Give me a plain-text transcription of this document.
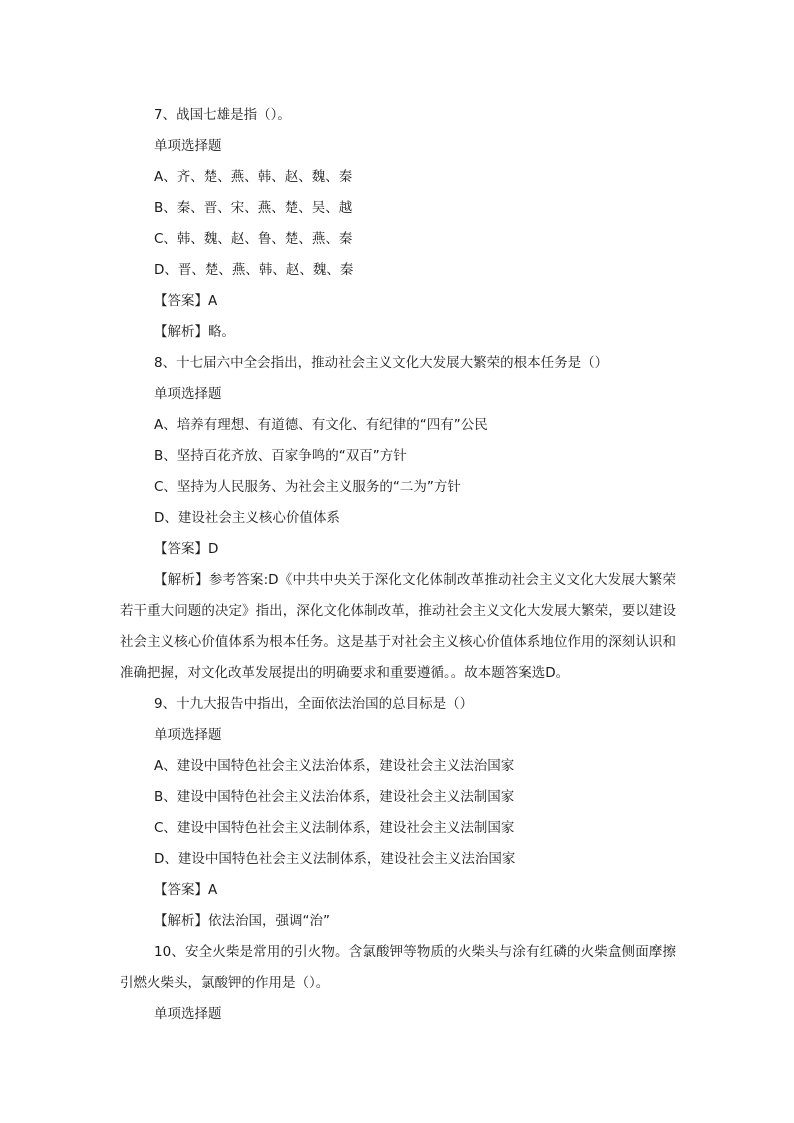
7、战国七雄是指（）。
单项选择题
A、齐、楚、燕、韩、赵、魏、秦
B、秦、晋、宋、燕、楚、吴、越
C、韩、魏、赵、鲁、楚、燕、秦
D、晋、楚、燕、韩、赵、魏、秦
【答案】A
【解析】略。
8、十七届六中全会指出，推动社会主义文化大发展大繁荣的根本任务是（）
单项选择题
A、培养有理想、有道德、有文化、有纪律的“四有”公民
B、坚持百花齐放、百家争鸣的“双百”方针
C、坚持为人民服务、为社会主义服务的“二为”方针
D、建设社会主义核心价值体系
【答案】D
【解析】参考答案:D《中共中央关于深化文化体制改革推动社会主义文化大发展大繁荣若干重大问题的决定》指出，深化文化体制改革，推动社会主义文化大发展大繁荣，要以建设社会主义核心价值体系为根本任务。这是基于对社会主义核心价值体系地位作用的深刻认识和准确把握，对文化改革发展提出的明确要求和重要遵循。。故本题答案选D。
9、十九大报告中指出，全面依法治国的总目标是（）
单项选择题
A、建设中国特色社会主义法治体系，建设社会主义法治国家
B、建设中国特色社会主义法治体系，建设社会主义法制国家
C、建设中国特色社会主义法制体系，建设社会主义法制国家
D、建设中国特色社会主义法制体系，建设社会主义法治国家
【答案】A
【解析】依法治国，强调“治”
10、安全火柴是常用的引火物。含氯酸钾等物质的火柴头与涂有红磷的火柴盒侧面摩擦引燃火柴头，氯酸钾的作用是（）。
单项选择题
